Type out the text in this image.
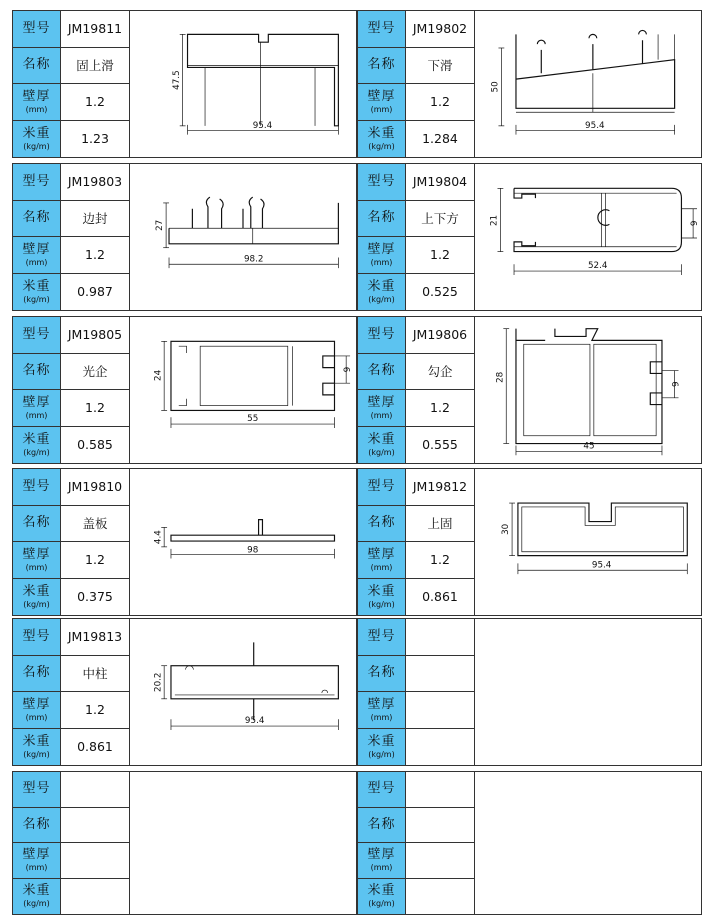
型号
名称
壁厚
(mm)
米重
(kg/m)
JM19811
固上滑
1.2
1.23
47.5
95.4
型号
名称
壁厚
(mm)
米重
(kg/m)
JM19802
下滑
1.2
1.284
50
95.4
型号
名称
壁厚
(mm)
米重
(kg/m)
JM19803
边封
1.2
0.987
27
98.2
型号
名称
壁厚
(mm)
米重
(kg/m)
JM19804
上下方
1.2
0.525
21	9
52.4
型号
名称
壁厚
(mm)
米重
(kg/m)
JM19805
光企
1.2
0.585
24
9
55
型号
名称
壁厚
(mm)
米重
(kg/m)
JM19806
勾企
1.2
0.555
28
9
45
型号
名称
壁厚
(mm)
米重
(kg/m)
JM19810
盖板
1.2
0.375
4.4
98
型号
名称
壁厚
(mm)
米重
(kg/m)
JM19812
上固
1.2
0.861
30
95.4
型号
名称
壁厚
(mm)
米重
(kg/m)
JM19813
中柱
1.2
0.861
20.2
95.4
型号
名称
壁厚
(mm)
米重
(kg/m)
型号
名称
壁厚
(mm)
米重
(kg/m)
型号
名称
壁厚
(mm)
米重
(kg/m)
